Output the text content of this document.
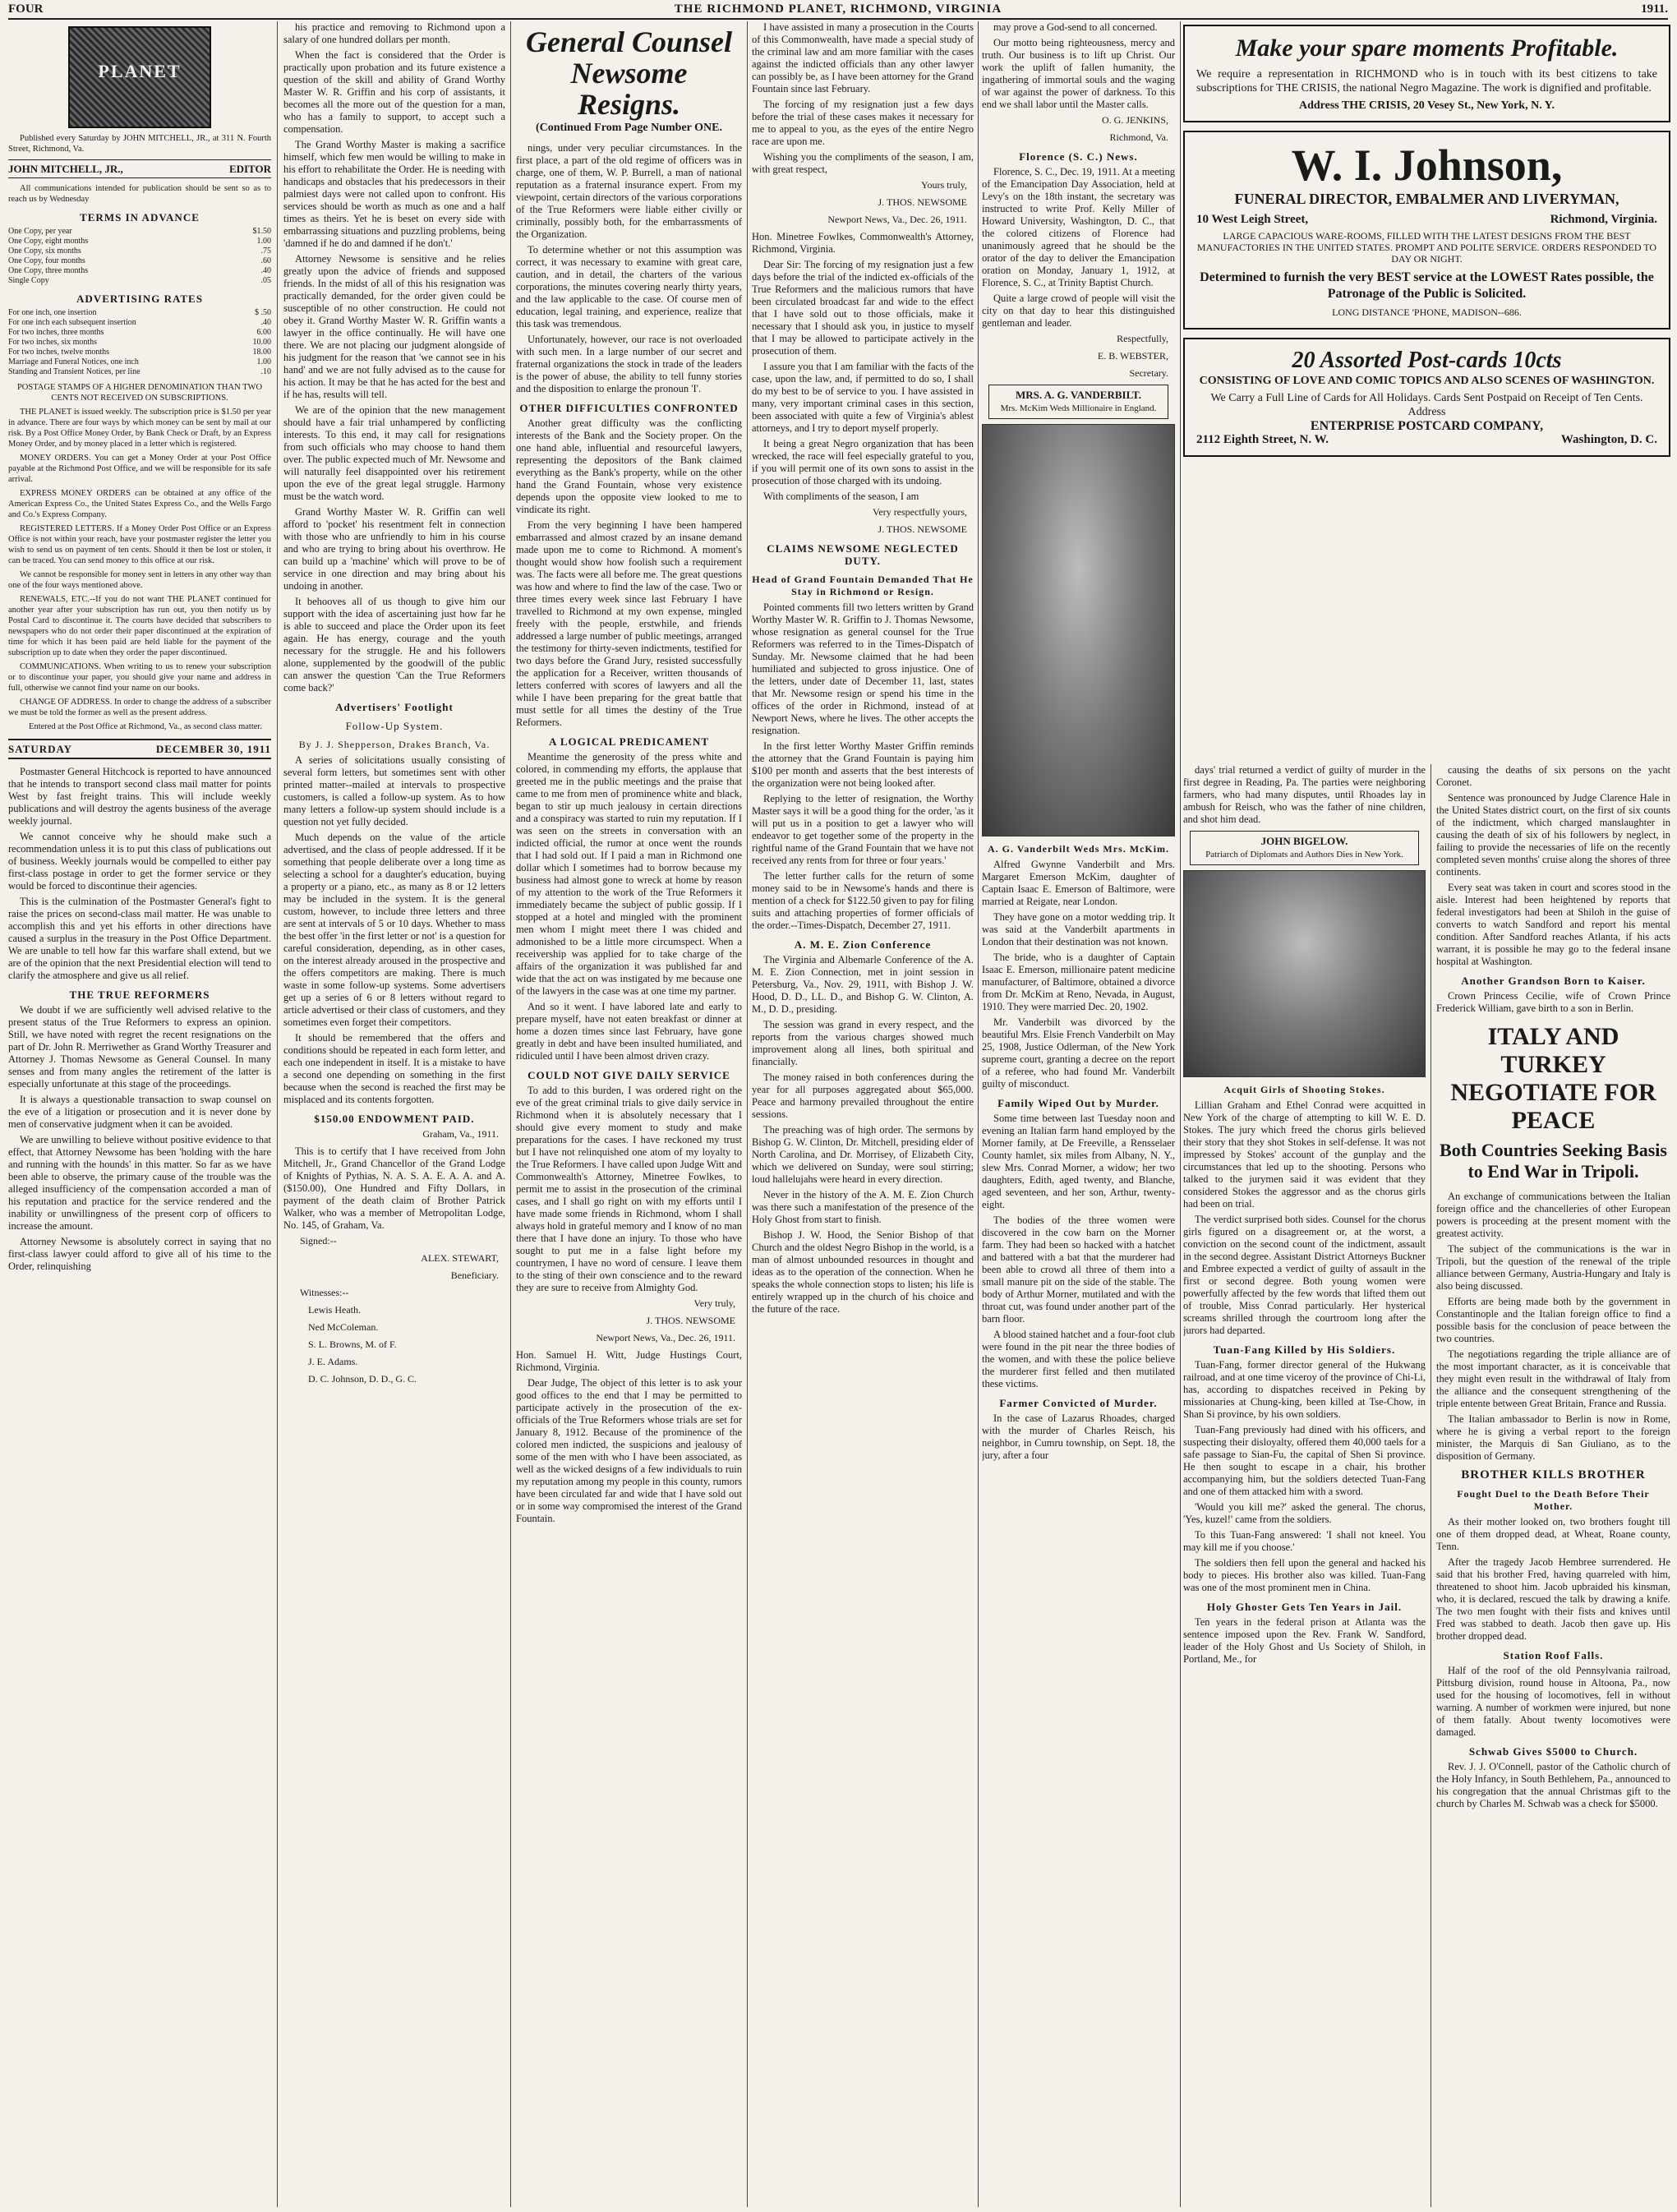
FOUR	THE RICHMOND PLANET, RICHMOND, VIRGINIA	1911.
PLANET

Published every Saturday by JOHN MITCHELL, JR., at 311 N. Fourth Street, Richmond, Va.

JOHN MITCHELL, JR.,	EDITOR

All communications intended for publication should be sent so as to reach us by Wednesday

TERMS IN ADVANCE
One Copy, per year	$1.50
One Copy, eight months	1.00
One Copy, six months	.75
One Copy, four months	.60
One Copy, three months	.40
Single Copy	.05
ADVERTISING RATES
For one inch, one insertion	$ .50
For one inch each subsequent insertion	.40
For two inches, three months	6.00
For two inches, six months	10.00
For two inches, twelve months	18.00
Marriage and Funeral Notices, one inch	1.00
Standing and Transient Notices, per line	.10

POSTAGE STAMPS OF A HIGHER DENOMINATION THAN TWO CENTS NOT RECEIVED ON SUBSCRIPTIONS.

THE PLANET is issued weekly. The subscription price is $1.50 per year in advance. There are four ways by which money can be sent by mail at our risk. By a Post Office Money Order, by Bank Check or Draft, by an Express Money Order, and by money placed in a letter which is registered.

MONEY ORDERS. You can get a Money Order at your Post Office payable at the Richmond Post Office, and we will be responsible for its safe arrival.

EXPRESS MONEY ORDERS can be obtained at any office of the American Express Co., the United States Express Co., and the Wells Fargo and Co.'s Express Company.

REGISTERED LETTERS. If a Money Order Post Office or an Express Office is not within your reach, have your postmaster register the letter you wish to send us on payment of ten cents. Should it then be lost or stolen, it can be traced. You can send money to this office at our risk.

We cannot be responsible for money sent in letters in any other way than one of the four ways mentioned above.

RENEWALS, ETC.--If you do not want THE PLANET continued for another year after your subscription has run out, you then notify us by Postal Card to discontinue it. The courts have decided that subscribers to newspapers who do not order their paper discontinued at the expiration of time for which it has been paid are held liable for the payment of the subscription up to date when they order the paper discontinued.

COMMUNICATIONS. When writing to us to renew your subscription or to discontinue your paper, you should give your name and address in full, otherwise we cannot find your name on our books.

CHANGE OF ADDRESS. In order to change the address of a subscriber we must be told the former as well as the present address.

Entered at the Post Office at Richmond, Va., as second class matter.

SATURDAY	DECEMBER 30, 1911

Postmaster General Hitchcock is reported to have announced that he intends to transport second class mail matter for points West by fast freight trains. This will include weekly publications and will destroy the agents business of the average weekly journal.

We cannot conceive why he should make such a recommendation unless it is to put this class of publications out of business. Weekly journals would be compelled to either pay first-class postage in order to get the former service or they would be forced to discontinue their agencies.

This is the culmination of the Postmaster General's fight to raise the prices on second-class mail matter. He was unable to accomplish this and yet his efforts in other directions have caused a surplus in the treasury in the Post Office Department. We are unable to tell how far this warfare shall extend, but we are of the opinion that the next Presidential election will tend to clarify the atmosphere and give us all relief.

THE TRUE REFORMERS

We doubt if we are sufficiently well advised relative to the present status of the True Reformers to express an opinion. Still, we have noted with regret the recent resignations on the part of Dr. John R. Merriwether as Grand Worthy Treasurer and Attorney J. Thomas Newsome as General Counsel. In many senses and from many angles the retirement of the latter is especially unfortunate at this stage of the proceedings.

It is always a questionable transaction to swap counsel on the eve of a litigation or prosecution and it is never done by men of conservative judgment when it can be avoided.

We are unwilling to believe without positive evidence to that effect, that Attorney Newsome has been 'holding with the hare and running with the hounds' in this matter. So far as we have been able to observe, the primary cause of the trouble was the alleged insufficiency of the compensation accorded a man of his reputation and practice for the service rendered and the inability or unwillingness of the present corp of officers to increase the amount.

Attorney Newsome is absolutely correct in saying that no first-class lawyer could afford to give all of his time to the Order, relinquishing

his practice and removing to Richmond upon a salary of one hundred dollars per month.

When the fact is considered that the Order is practically upon probation and its future existence a question of the skill and ability of Grand Worthy Master W. R. Griffin and his corp of assistants, it becomes all the more out of the question for a man, who has a family to support, to accept such a compensation.

The Grand Worthy Master is making a sacrifice himself, which few men would be willing to make in his effort to rehabilitate the Order. He is needing with handicaps and obstacles that his predecessors in their palmiest days were not called upon to confront. His services should be worth as much as one and a half times as theirs. Yet he is beset on every side with embarrassing situations and puzzling problems, being 'damned if he do and damned if he don't.'

Attorney Newsome is sensitive and he relies greatly upon the advice of friends and supposed friends. In the midst of all of this his resignation was practically demanded, for the order given could be susceptible of no other construction. He could not obey it. Grand Worthy Master W. R. Griffin wants a lawyer in the office continually. He will have one there. We are not placing our judgment alongside of his judgment for the reason that 'we cannot see in his hand' and we are not fully advised as to the cause for his action. It may be that he has acted for the best and if he has, results will tell.

We are of the opinion that the new management should have a fair trial unhampered by conflicting interests. To this end, it may call for resignations from such officials who may choose to hand them over. The public expected much of Mr. Newsome and will naturally feel disappointed over his retirement upon the eve of the great legal struggle. Harmony must be the watch word.

Grand Worthy Master W. R. Griffin can well afford to 'pocket' his resentment felt in connection with those who are unfriendly to him in his course and who are trying to bring about his overthrow. He can build up a 'machine' which will prove to be of service in one direction and may bring about his undoing in another.

It behooves all of us though to give him our support with the idea of ascertaining just how far he is able to succeed and place the Order upon its feet again. He has energy, courage and the youth necessary for the struggle. He and his followers alone, supplemented by the goodwill of the public can answer the question 'Can the True Reformers come back?'

Advertisers' Footlight
Follow-Up System.
By J. J. Shepperson, Drakes Branch, Va.

A series of solicitations usually consisting of several form letters, but sometimes sent with other printed matter--mailed at intervals to prospective customers, is called a follow-up system. As to how many letters a follow-up system should include is a question not yet fully decided.

Much depends on the value of the article advertised, and the class of people addressed. If it be something that people deliberate over a long time as selecting a school for a daughter's education, buying a property or a piano, etc., as many as 8 or 12 letters may be included in the system. It is the general custom, however, to include three letters and three are sent at intervals of 5 or 10 days. Whether to mass the best offer 'in the first letter or not' is a question for careful consideration, depending, as in other cases, on the interest already aroused in the prospective and the offers competitors are making. There is much waste in some follow-up systems. Some advertisers get up a series of 6 or 8 letters without regard to article advertised or their class of customers, and they sometimes even forget their competitors.

It should be remembered that the offers and conditions should be repeated in each form letter, and each one independent in itself. It is a mistake to have a second one depending on something in the first because when the second is reached the first may be misplaced and its contents forgotten.

$150.00 ENDOWMENT PAID.
Graham, Va., 1911.

This is to certify that I have received from John Mitchell, Jr., Grand Chancellor of the Grand Lodge of Knights of Pythias, N. A. S. A. E. A. A. and A. ($150.00), One Hundred and Fifty Dollars, in payment of the death claim of Brother Patrick Walker, who was a member of Metropolitan Lodge, No. 145, of Graham, Va.

Signed:--
ALEX. STEWART,
Beneficiary.
Witnesses:--
Lewis Heath.
Ned McColeman.
S. L. Browns, M. of F.
J. E. Adams.
D. C. Johnson, D. D., G. C.
General Counsel Newsome Resigns.
(Continued From Page Number ONE.

nings, under very peculiar circumstances. In the first place, a part of the old regime of officers was in charge, one of them, W. P. Burrell, a man of national reputation as a fraternal insurance expert. From my viewpoint, certain directors of the various corporations of the True Reformers were liable either civilly or criminally, possibly both, for the embarrassments of the Organization.

To determine whether or not this assumption was correct, it was necessary to examine with great care, caution, and in detail, the charters of the various corporations, the minutes covering nearly thirty years, and the law applicable to the case. Of course men of education, legal training, and experience, realize that this task was tremendous.

Unfortunately, however, our race is not overloaded with such men. In a large number of our secret and fraternal organizations the stock in trade of the leaders is the power of abuse, the ability to tell funny stories and the disposition to enlarge the pronoun 'I'.

OTHER DIFFICULTIES CONFRONTED

Another great difficulty was the conflicting interests of the Bank and the Society proper. On the one hand able, influential and resourceful lawyers, representing the depositors of the Bank claimed everything as the Bank's property, while on the other hand the Grand Fountain, whose very existence depends upon the opposite view looked to me to vindicate its right.

From the very beginning I have been hampered embarrassed and almost crazed by an insane demand made upon me to come to Richmond. A moment's thought would show how foolish such a requirement was. The facts were all before me. The great questions was how and where to find the law of the case. Two or three times every week since last February I have travelled to Richmond at my own expense, mingled freely with the people, erstwhile, and friends addressed a large number of public meetings, arranged the testimony for thirty-seven indictments, testified for two days before the Grand Jury, resisted successfully the application for a Receiver, written thousands of letters conferred with scores of lawyers and all the while I have been preparing for the great battle that must settle for all times the destiny of the True Reformers.

A LOGICAL PREDICAMENT

Meantime the generosity of the press white and colored, in commending my efforts, the applause that greeted me in the public meetings and the praise that came to me from men of prominence white and black, began to stir up much jealousy in certain directions and a conspiracy was started to ruin my reputation. If I was seen on the streets in conversation with an indicted official, the rumor at once went the rounds that I had sold out. If I paid a man in Richmond one dollar which I sometimes had to borrow because my business had almost gone to wreck at home by reason of my attention to the work of the True Reformers it immediately became the subject of public gossip. If I stopped at a hotel and mingled with the prominent men whom I might meet there I was chided and admonished to be a little more circumspect. When a receivership was applied for to take charge of the affairs of the organization it was published far and wide that the act on was instigated by me because one of the lawyers in the case was at one time my partner.

And so it went. I have labored late and early to prepare myself, have not eaten breakfast or dinner at home a dozen times since last February, have gone greatly in debt and have been insulted humiliated, and ridiculed until I have been almost driven crazy.

COULD NOT GIVE DAILY SERVICE

To add to this burden, I was ordered right on the eve of the great criminal trials to give daily service in Richmond when it is absolutely necessary that I should give every moment to study and make preparations for the cases. I have reckoned my trust but I have not relinquished one atom of my loyalty to the True Reformers. I have called upon Judge Witt and Commonwealth's Attorney, Minetree Fowlkes, to permit me to assist in the prosecution of the criminal cases, and I shall go right on with my efforts until I have made some friends in Richmond, whom I shall always hold in grateful memory and I know of no man there that I have done an injury. To those who have sought to put me in a false light before my countrymen, I have no word of censure. I leave them to the sting of their own conscience and to the reward they are sure to receive from Almighty God.

Very truly,
J. THOS. NEWSOME
Newport News, Va., Dec. 26, 1911.

Hon. Samuel H. Witt, Judge Hustings Court, Richmond, Virginia.

Dear Judge, The object of this letter is to ask your good offices to the end that I may be permitted to participate actively in the prosecution of the ex-officials of the True Reformers whose trials are set for January 8, 1912. Because of the prominence of the colored men indicted, the suspicions and jealousy of some of the men with who I have been associated, as well as the wicked designs of a few individuals to ruin my reputation among my people in this county, rumors have been circulated far and wide that I have sold out or in some way compromised the interest of the Grand Fountain.

I have assisted in many a prosecution in the Courts of this Commonwealth, have made a special study of the criminal law and am more familiar with the cases against the indicted officials than any other lawyer can possibly be, as I have been attorney for the Grand Fountain since last February.

The forcing of my resignation just a few days before the trial of these cases makes it necessary for me to appeal to you, as the eyes of the entire Negro race are upon me.

Wishing you the compliments of the season, I am, with great respect,

Yours truly,
J. THOS. NEWSOME
Newport News, Va., Dec. 26, 1911.

Hon. Minetree Fowlkes, Commonwealth's Attorney, Richmond, Virginia.

Dear Sir: The forcing of my resignation just a few days before the trial of the indicted ex-officials of the True Reformers and the malicious rumors that have been circulated broadcast far and wide to the effect that I have sold out to those officials, make it necessary that I should ask you, in justice to myself that I may be allowed to participate actively in the prosecution of them.

I assure you that I am familiar with the facts of the case, upon the law, and, if permitted to do so, I shall do my best to be of service to you. I have assisted in many, very important criminal cases in this section, been associated with quite a few of Virginia's ablest attorneys, and I try to deport myself properly.

It being a great Negro organization that has been wrecked, the race will feel especially grateful to you, if you will permit one of its own sons to assist in the prosecution of those charged with its undoing.

With compliments of the season, I am

Very respectfully yours,
J. THOS. NEWSOME
CLAIMS NEWSOME NEGLECTED DUTY.
Head of Grand Fountain Demanded That He Stay in Richmond or Resign.

Pointed comments fill two letters written by Grand Worthy Master W. R. Griffin to J. Thomas Newsome, whose resignation as general counsel for the True Reformers was referred to in the Times-Dispatch of Sunday. Mr. Newsome claimed that he had been humiliated and subjected to gross injustice. One of the letters, under date of December 11, last, states that Mr. Newsome resign or spend his time in the offices of the order in Richmond, instead of at Newport News, where he lives. The other accepts the resignation.

In the first letter Worthy Master Griffin reminds the attorney that the Grand Fountain is paying him $100 per month and asserts that the best interests of the organization were not being looked after.

Replying to the letter of resignation, the Worthy Master says it will be a good thing for the order, 'as it will put us in a position to get a lawyer who will endeavor to get together some of the property in the rightful name of the Grand Fountain that we have not received any rents from for three or four years.'

The letter further calls for the return of some money said to be in Newsome's hands and there is mention of a check for $122.50 given to pay for filing suits and attaching properties of former officials of the order.--Times-Dispatch, December 27, 1911.

A. M. E. Zion Conference

The Virginia and Albemarle Conference of the A. M. E. Zion Connection, met in joint session in Petersburg, Va., Nov. 29, 1911, with Bishop J. W. Hood, D. D., LL. D., and Bishop G. W. Clinton, A. M., D. D., presiding.

The session was grand in every respect, and the reports from the various charges showed much improvement along all lines, both spiritual and financially.

The money raised in both conferences during the year for all purposes aggregated about $65,000. Peace and harmony prevailed throughout the entire sessions.

The preaching was of high order. The sermons by Bishop G. W. Clinton, Dr. Mitchell, presiding elder of North Carolina, and Dr. Morrisey, of Elizabeth City, which we delivered on Sunday, were soul stirring; loud hallelujahs were heard in every direction.

Never in the history of the A. M. E. Zion Church was there such a manifestation of the presence of the Holy Ghost from start to finish.

Bishop J. W. Hood, the Senior Bishop of that Church and the oldest Negro Bishop in the world, is a man of almost unbounded resources in thought and ideas as to the operation of the connection. When he speaks the whole connection stops to listen; his life is entirely wrapped up in the church of his choice and the future of the race.

may prove a God-send to all concerned.

Our motto being righteousness, mercy and truth. Our business is to lift up Christ. Our work the uplift of fallen humanity, the ingathering of immortal souls and the waging of war against the power of darkness. To this end we shall labor until the Master calls.

O. G. JENKINS,
Richmond, Va.
Florence (S. C.) News.

Florence, S. C., Dec. 19, 1911. At a meeting of the Emancipation Day Association, held at Levy's on the 18th instant, the secretary was instructed to write Prof. Kelly Miller of Howard University, Washington, D. C., that the colored citizens of Florence had unanimously agreed that he should be the orator of the day to deliver the Emancipation oration on Monday, January 1, 1912, at Florence, S. C., at Trinity Baptist Church.

Quite a large crowd of people will visit the city on that day to hear this distinguished gentleman and leader.

Respectfully,
E. B. WEBSTER,
Secretary.
MRS. A. G. VANDERBILT.
Mrs. McKim Weds Millionaire in England.
A. G. Vanderbilt Weds Mrs. McKim.

Alfred Gwynne Vanderbilt and Mrs. Margaret Emerson McKim, daughter of Captain Isaac E. Emerson of Baltimore, were married at Reigate, near London.

They have gone on a motor wedding trip. It was said at the Vanderbilt apartments in London that their destination was not known.

The bride, who is a daughter of Captain Isaac E. Emerson, millionaire patent medicine manufacturer, of Baltimore, obtained a divorce from Dr. McKim at Reno, Nevada, in August, 1910. They were married Dec. 20, 1902.

Mr. Vanderbilt was divorced by the beautiful Mrs. Elsie French Vanderbilt on May 25, 1908, Justice Odlerman, of the New York supreme court, granting a decree on the report of a referee, who had found Mr. Vanderbilt guilty of misconduct.

Family Wiped Out by Murder.

Some time between last Tuesday noon and evening an Italian farm hand employed by the Morner family, at De Freeville, a Rensselaer County hamlet, six miles from Albany, N. Y., slew Mrs. Conrad Morner, a widow; her two daughters, Edith, aged twenty, and Blanche, aged seventeen, and her son, Arthur, twenty-eight.

The bodies of the three women were discovered in the cow barn on the Morner farm. They had been so hacked with a hatchet and battered with a bat that the murderer had been able to crowd all three of them into a small manure pit on the side of the stable. The body of Arthur Morner, mutilated and with the throat cut, was found under another part of the barn floor.

A blood stained hatchet and a four-foot club were found in the pit near the three bodies of the women, and with these the police believe the murderer first felled and then mutilated these victims.

Farmer Convicted of Murder.

In the case of Lazarus Rhoades, charged with the murder of Charles Reisch, his neighbor, in Cumru township, on Sept. 18, the jury, after a four

Make your spare moments Profitable.
We require a representation in RICHMOND who is in touch with its best citizens to take subscriptions for THE CRISIS, the national Negro Magazine. The work is dignified and profitable.
Address THE CRISIS, 20 Vesey St., New York, N. Y.
W. I. Johnson,
FUNERAL DIRECTOR, EMBALMER AND LIVERYMAN,
10 West Leigh Street,	Richmond, Virginia.
LARGE CAPACIOUS WARE-ROOMS, FILLED WITH THE LATEST DESIGNS FROM THE BEST MANUFACTORIES IN THE UNITED STATES. PROMPT AND POLITE SERVICE. ORDERS RESPONDED TO DAY OR NIGHT.
Determined to furnish the very BEST service at the LOWEST Rates possible, the Patronage of the Public is Solicited.
LONG DISTANCE 'PHONE, MADISON--686.
20 Assorted Post-cards 10cts
CONSISTING OF LOVE AND COMIC TOPICS AND ALSO SCENES OF WASHINGTON.
We Carry a Full Line of Cards for All Holidays. Cards Sent Postpaid on Receipt of Ten Cents. Address
ENTERPRISE POSTCARD COMPANY,
2112 Eighth Street, N. W.	Washington, D. C.

days' trial returned a verdict of guilty of murder in the first degree in Reading, Pa. The parties were neighboring farmers, who had many disputes, until Rhoades lay in ambush for Reisch, who was the father of nine children, and shot him dead.

JOHN BIGELOW.
Patriarch of Diplomats and Authors Dies in New York.
Acquit Girls of Shooting Stokes.

Lillian Graham and Ethel Conrad were acquitted in New York of the charge of attempting to kill W. E. D. Stokes. The jury which freed the chorus girls believed their story that they shot Stokes in self-defense. It was not impressed by Stokes' account of the gunplay and the circumstances that led up to the shooting. Persons who talked to the jurymen said it was evident that they considered Stokes the aggressor and as the chorus girls had been on trial.

The verdict surprised both sides. Counsel for the chorus girls figured on a disagreement or, at the worst, a conviction on the second count of the indictment, assault in the second degree. Assistant District Attorneys Buckner and Embree expected a verdict of guilty of assault in the first or second degree. Both young women were powerfully affected by the few words that lifted them out of trouble, Miss Conrad particularly. Her hysterical screams shrilled through the courtroom long after the jurors had departed.

Tuan-Fang Killed by His Soldiers.

Tuan-Fang, former director general of the Hukwang railroad, and at one time viceroy of the province of Chi-Li, has, according to dispatches received in Peking by missionaries at Chung-king, been killed at Tse-Chow, in Shan Si province, by his own soldiers.

Tuan-Fang previously had dined with his officers, and suspecting their disloyalty, offered them 40,000 taels for a safe passage to Sian-Fu, the capital of Shen Si province. He then sought to escape in a chair, his brother accompanying him, but the soldiers detected Tuan-Fang and one of them attacked him with a sword.

'Would you kill me?' asked the general. The chorus, 'Yes, kuzel!' came from the soldiers.

To this Tuan-Fang answered: 'I shall not kneel. You may kill me if you choose.'

The soldiers then fell upon the general and hacked his body to pieces. His brother also was killed. Tuan-Fang was one of the most prominent men in China.

Holy Ghoster Gets Ten Years in Jail.

Ten years in the federal prison at Atlanta was the sentence imposed upon the Rev. Frank W. Sandford, leader of the Holy Ghost and Us Society of Shiloh, in Portland, Me., for

causing the deaths of six persons on the yacht Coronet.

Sentence was pronounced by Judge Clarence Hale in the United States district court, on the first of six counts of the indictment, which charged manslaughter in causing the death of six of his followers by neglect, in failing to provide the necessaries of life on the recently completed seven months' cruise along the shores of three continents.

Every seat was taken in court and scores stood in the aisle. Interest had been heightened by reports that federal investigators had been at Shiloh in the guise of converts to watch Sandford and report his mental condition. After Sandford reaches Atlanta, if his acts warrant, it is possible he may go to the federal insane hospital at Washington.

Another Grandson Born to Kaiser.

Crown Princess Cecilie, wife of Crown Prince Frederick William, gave birth to a son in Berlin.

ITALY AND TURKEY NEGOTIATE FOR PEACE
Both Countries Seeking Basis to End War in Tripoli.

An exchange of communications between the Italian foreign office and the chancelleries of other European powers is proceeding at the present moment with the greatest activity.

The subject of the communications is the war in Tripoli, but the question of the renewal of the triple alliance between Germany, Austria-Hungary and Italy is also being discussed.

Efforts are being made both by the government in Constantinople and the Italian foreign office to find a possible basis for the conclusion of peace between the two countries.

The negotiations regarding the triple alliance are of the most important character, as it is conceivable that they might even result in the withdrawal of Italy from the alliance and the consequent strengthening of the triple entente between Great Britain, France and Russia.

The Italian ambassador to Berlin is now in Rome, where he is giving a verbal report to the foreign minister, the Marquis di San Giuliano, as to the disposition of Germany.

BROTHER KILLS BROTHER
Fought Duel to the Death Before Their Mother.

As their mother looked on, two brothers fought till one of them dropped dead, at Wheat, Roane county, Tenn.

After the tragedy Jacob Hembree surrendered. He said that his brother Fred, having quarreled with him, threatened to shoot him. Jacob upbraided his kinsman, who, it is declared, rescued the talk by drawing a knife. The two men fought with their fists and knives until Fred was stabbed to death. Jacob then gave up. His brother dropped dead.

Station Roof Falls.

Half of the roof of the old Pennsylvania railroad, Pittsburg division, round house in Altoona, Pa., now used for the housing of locomotives, fell in without warning. A number of workmen were injured, but none of them fatally. About twenty locomotives were damaged.

Schwab Gives $5000 to Church.

Rev. J. J. O'Connell, pastor of the Catholic church of the Holy Infancy, in South Bethlehem, Pa., announced to his congregation that the annual Christmas gift to the church by Charles M. Schwab was a check for $5000.
